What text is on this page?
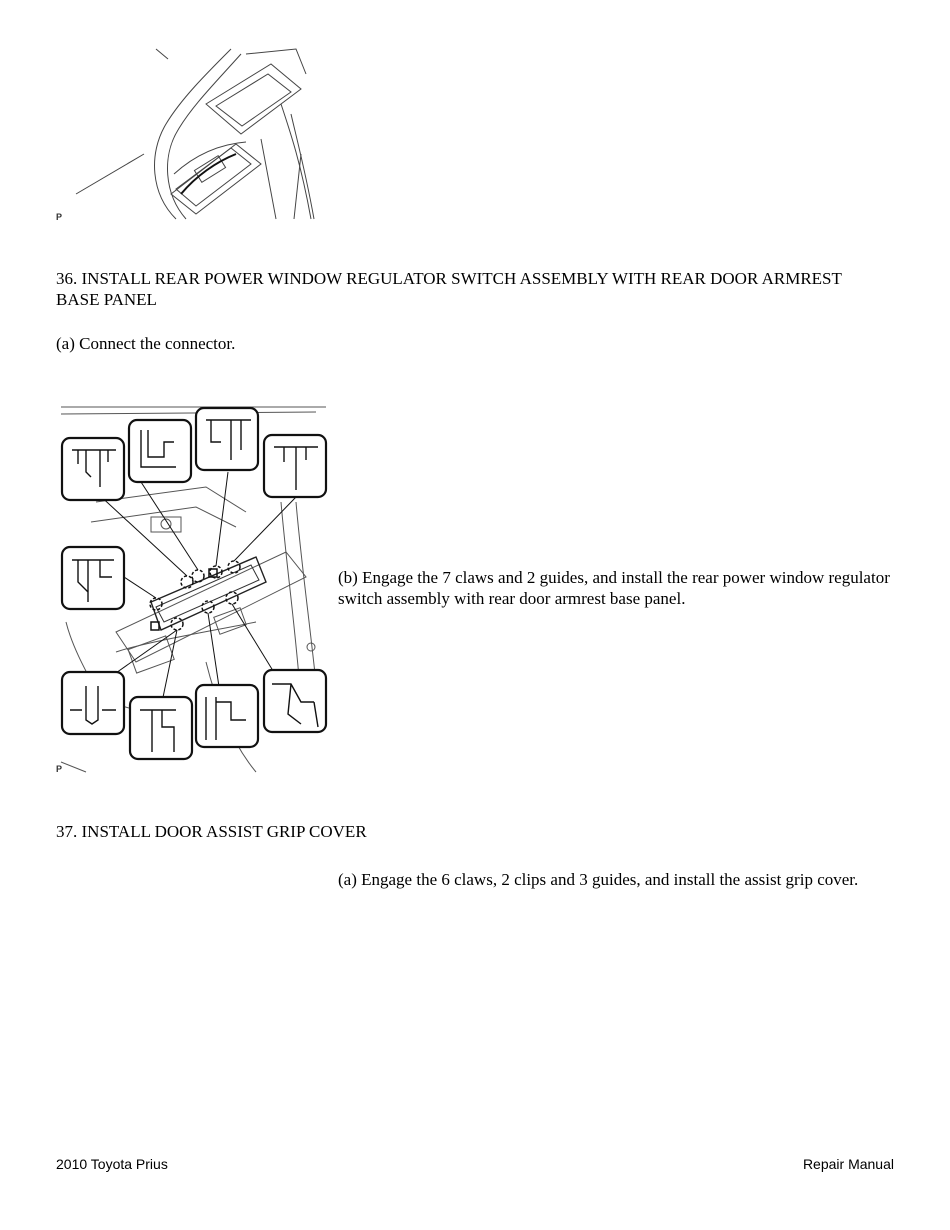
P
36. INSTALL REAR POWER WINDOW REGULATOR SWITCH ASSEMBLY WITH REAR DOOR ARMREST BASE PANEL
(a) Connect the connector.
P
(b) Engage the 7 claws and 2 guides, and install the rear power window regulator switch assembly with rear door armrest base panel.
37. INSTALL DOOR ASSIST GRIP COVER
(a) Engage the 6 claws, 2 clips and 3 guides, and install the assist grip cover.
2010 Toyota Prius	Repair Manual
